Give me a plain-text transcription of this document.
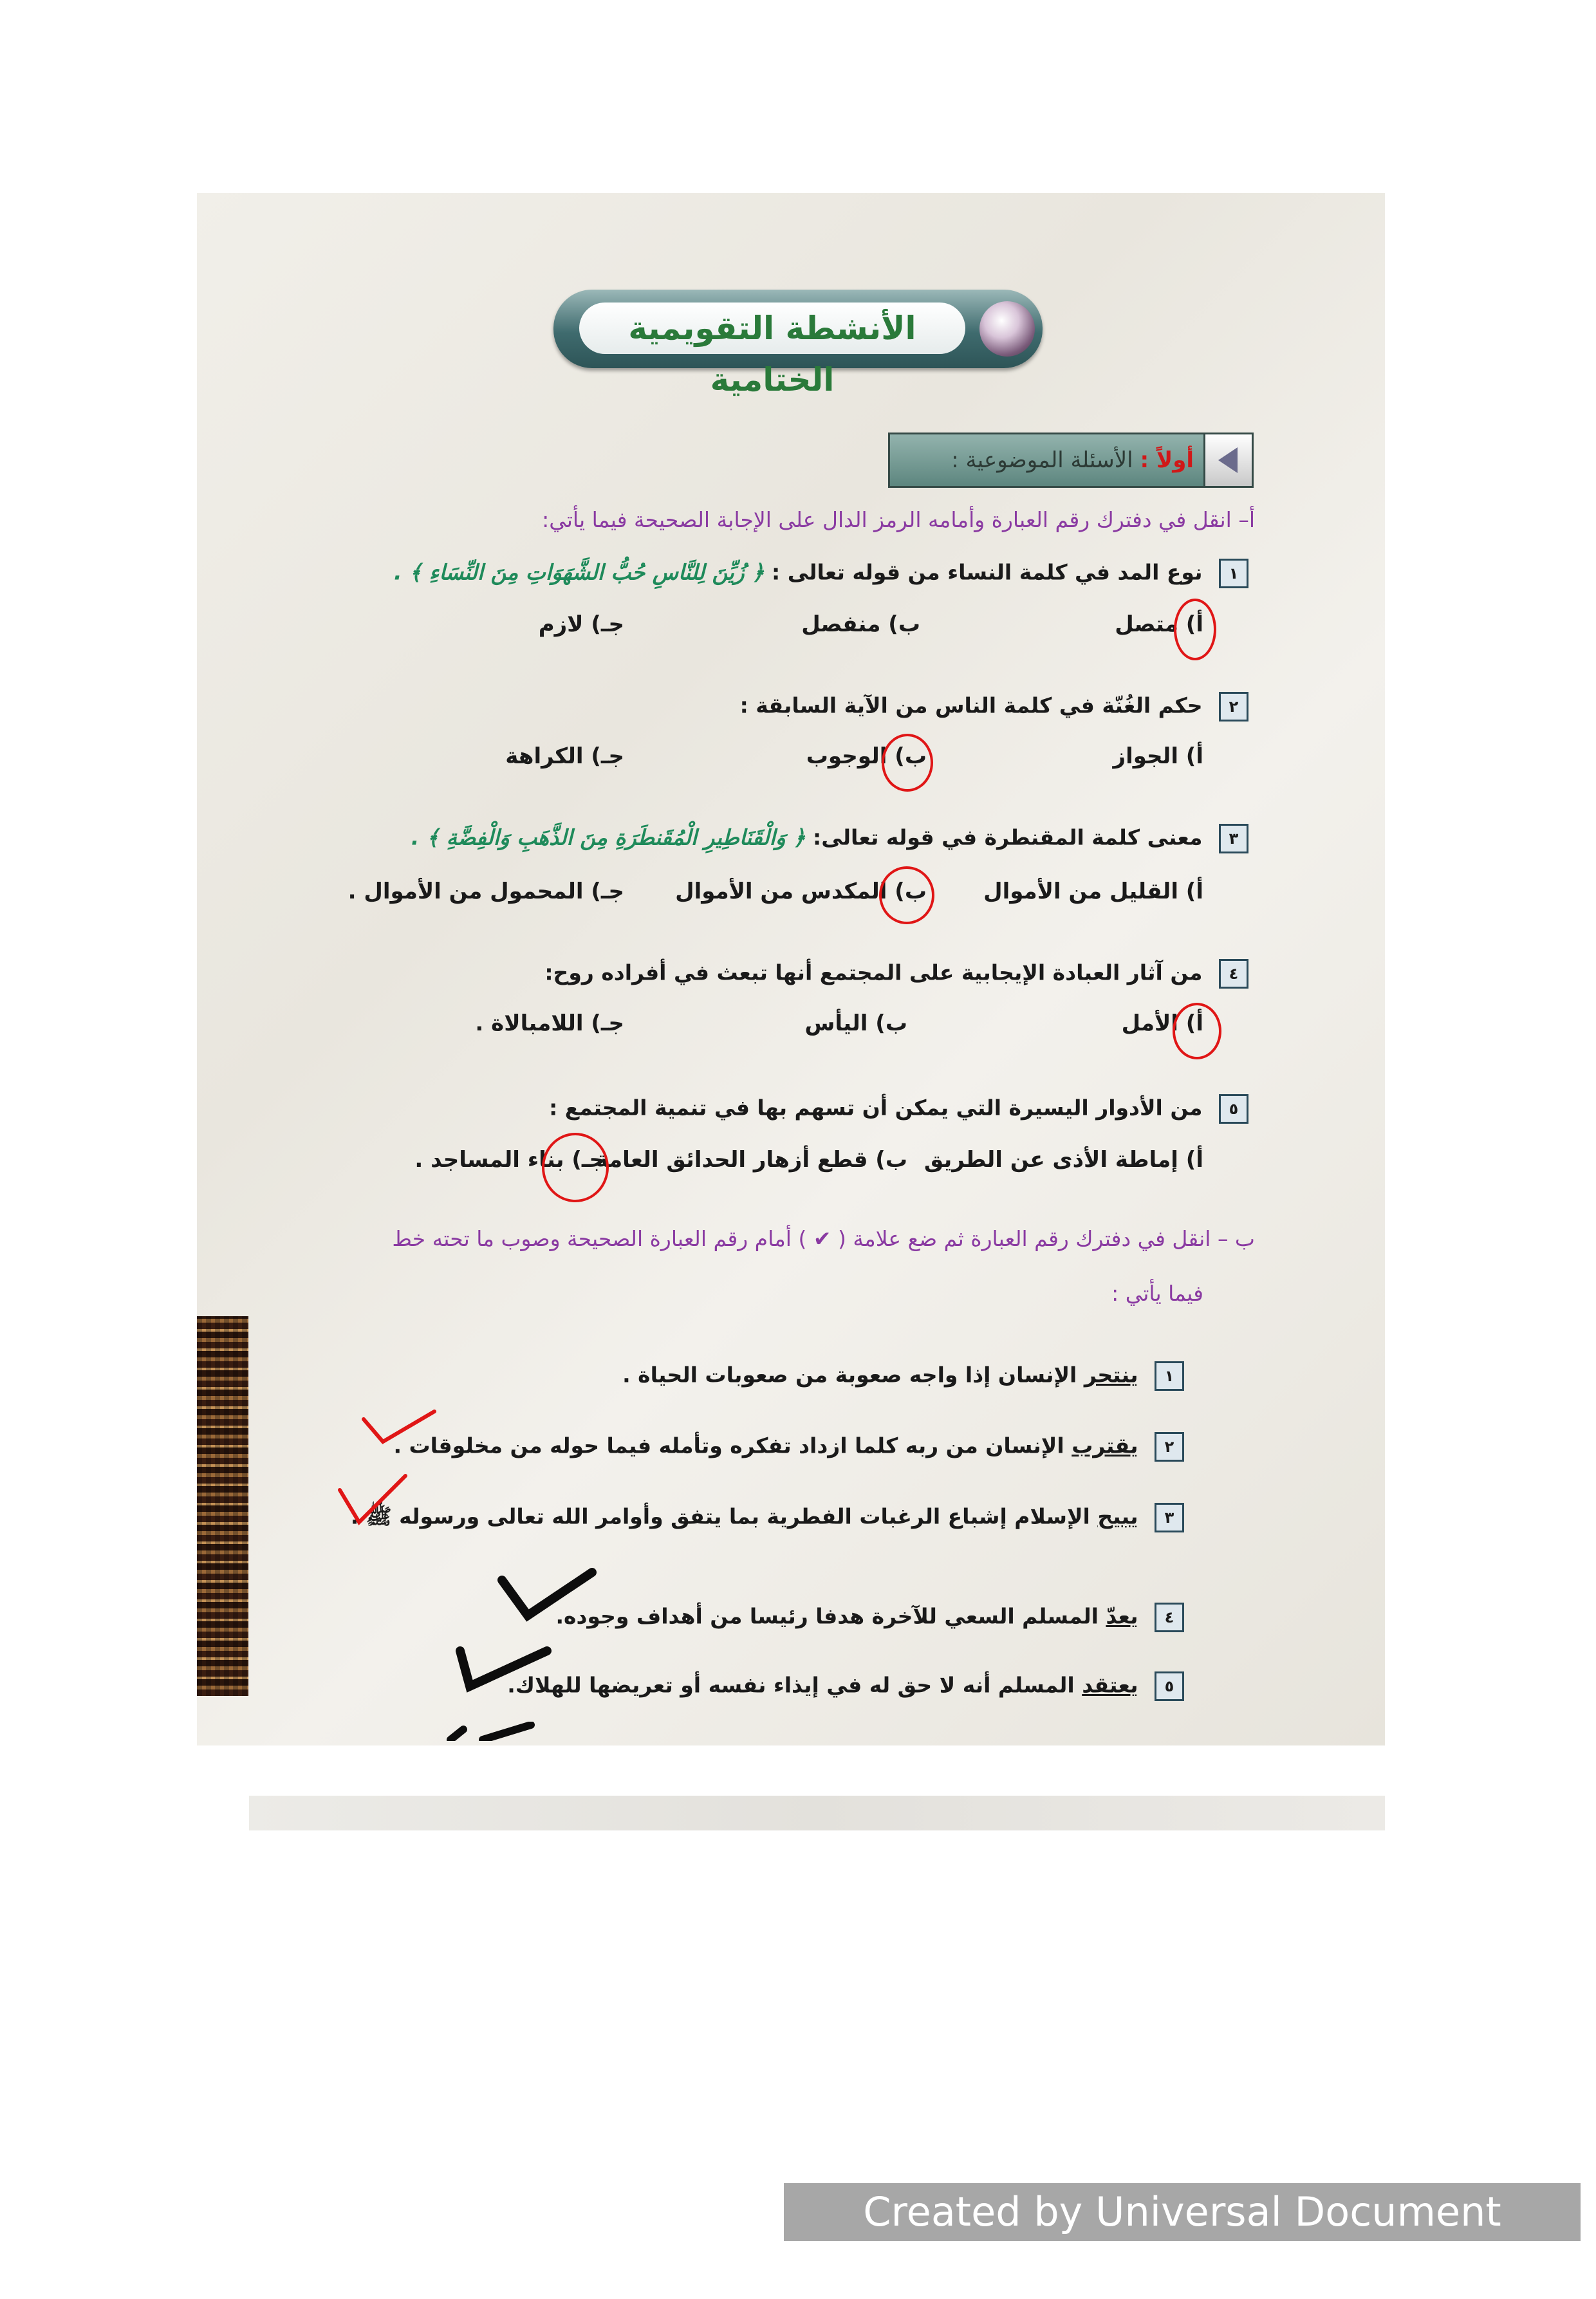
الأنشطة التقويمية الختامية
أولاً : الأسئلة الموضوعية :
أ– انقل في دفترك رقم العبارة وأمامه الرمز الدال على الإجابة الصحيحة فيما يأتي:
١ نوع المد في كلمة النساء من قوله تعالى : ﴿ زُيِّنَ لِلنَّاسِ حُبُّ الشَّهَوَاتِ مِنَ النِّسَاءِ ﴾ .
أ) متصل
ب) منفصل
جـ) لازم
٢ حكم الغُنّة في كلمة الناس من الآية السابقة :
أ) الجواز
ب) الوجوب
جـ) الكراهة
٣ معنى كلمة المقنطرة في قوله تعالى: ﴿ وَالْقَنَاطِيرِ الْمُقَنطَرَةِ مِنَ الذَّهَبِ وَالْفِضَّةِ ﴾ .
أ) القليل من الأموال
ب) المكدس من الأموال
جـ) المحمول من الأموال .
٤ من آثار العبادة الإيجابية على المجتمع أنها تبعث في أفراده روح:
أ) الأمل
ب) اليأس
جـ) اللامبالاة .
٥ من الأدوار اليسيرة التي يمكن أن تسهم بها في تنمية المجتمع :
أ) إماطة الأذى عن الطريق
ب) قطع أزهار الحدائق العامة
جـ) بناء المساجد .
ب – انقل في دفترك رقم العبارة ثم ضع علامة ( ✔ ) أمام رقم العبارة الصحيحة وصوب ما تحته خط
فيما يأتي :
١ ينتحر الإنسان إذا واجه صعوبة من صعوبات الحياة .
٢ يقترب الإنسان من ربه كلما ازداد تفكره وتأمله فيما حوله من مخلوقات .
٣ يبيح الإسلام إشباع الرغبات الفطرية بما يتفق وأوامر الله تعالى ورسوله ﷺ .
٤ يعدّ المسلم السعي للآخرة هدفا رئيسا من أهداف وجوده.
٥ يعتقد المسلم أنه لا حق له في إيذاء نفسه أو تعريضها للهلاك.
Created by Universal Document Converter
